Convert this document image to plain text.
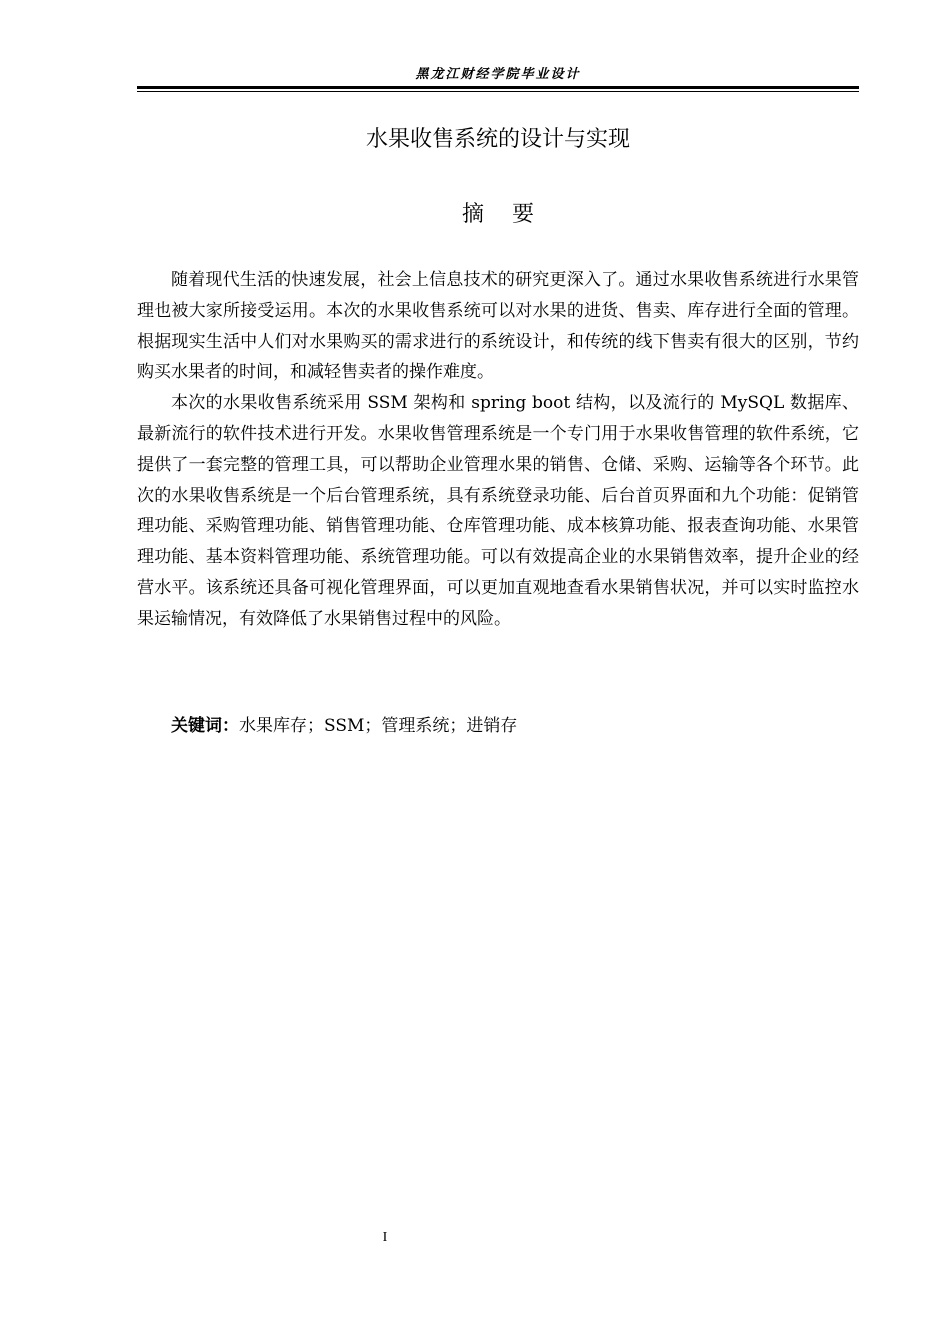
黑龙江财经学院毕业设计
水果收售系统的设计与实现
摘要

随着现代生活的快速发展，社会上信息技术的研究更深入了。通过水果收售系统进行水果管理也被大家所接受运用。本次的水果收售系统可以对水果的进货、售卖、库存进行全面的管理。根据现实生活中人们对水果购买的需求进行的系统设计，和传统的线下售卖有很大的区别，节约购买水果者的时间，和减轻售卖者的操作难度。

本次的水果收售系统采用 SSM 架构和 spring boot 结构，以及流行的 MySQL 数据库、最新流行的软件技术进行开发。水果收售管理系统是一个专门用于水果收售管理的软件系统，它提供了一套完整的管理工具，可以帮助企业管理水果的销售、仓储、采购、运输等各个环节。此次的水果收售系统是一个后台管理系统，具有系统登录功能、后台首页界面和九个功能：促销管理功能、采购管理功能、销售管理功能、仓库管理功能、成本核算功能、报表查询功能、水果管理功能、基本资料管理功能、系统管理功能。可以有效提高企业的水果销售效率，提升企业的经营水平。该系统还具备可视化管理界面，可以更加直观地查看水果销售状况，并可以实时监控水果运输情况，有效降低了水果销售过程中的风险。

关键词：水果库存；SSM；管理系统；进销存
I
